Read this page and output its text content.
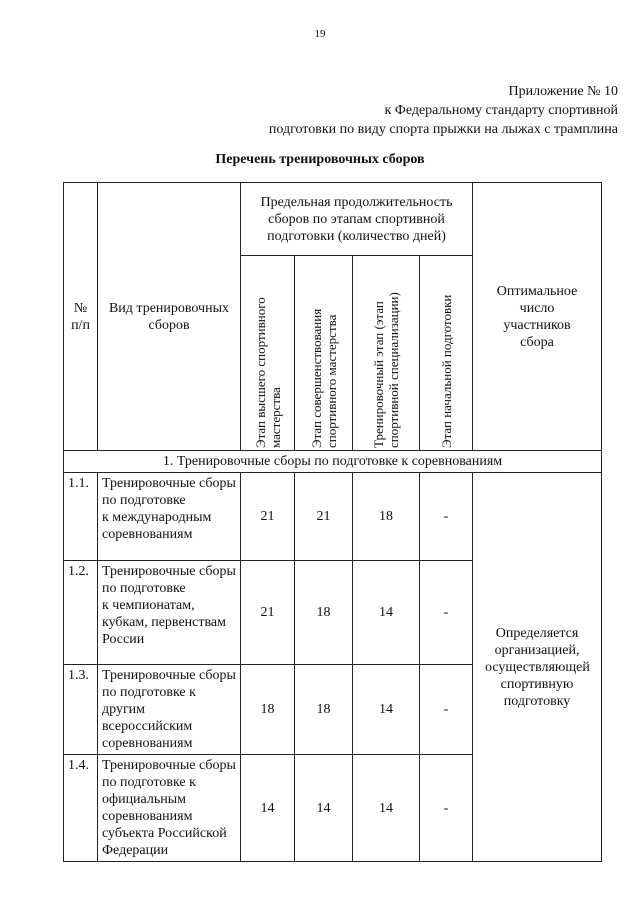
19
Приложение № 10
к Федеральному стандарту спортивной
подготовки по виду спорта прыжки на лыжах с трамплина
Перечень тренировочных сборов
№
п/п	Вид тренировочных сборов	Предельная продолжительность сборов по этапам спортивной подготовки (количество дней)				Оптимальное число участников сбора

		Этап высшего спортивного мастерства	Этап совершенствования спортивного мастерства	Тренировочный этап (этап спортивной специализации)	Этап начальной подготовки	

1. Тренировочные сборы по подготовке к соревнованиям						
1.1.	Тренировочные сборы
по подготовке
к международным соревнованиям	21	21	18	-	Определяется организацией, осуществляющей спортивную подготовку
1.2.	Тренировочные сборы
по подготовке
к чемпионатам, кубкам, первенствам России	21	18	14	-	
1.3.	Тренировочные сборы по подготовке к другим всероссийским соревнованиям	18	18	14	-	
1.4.	Тренировочные сборы по подготовке к официальным соревнованиям субъекта Российской Федерации	14	14	14	-	
